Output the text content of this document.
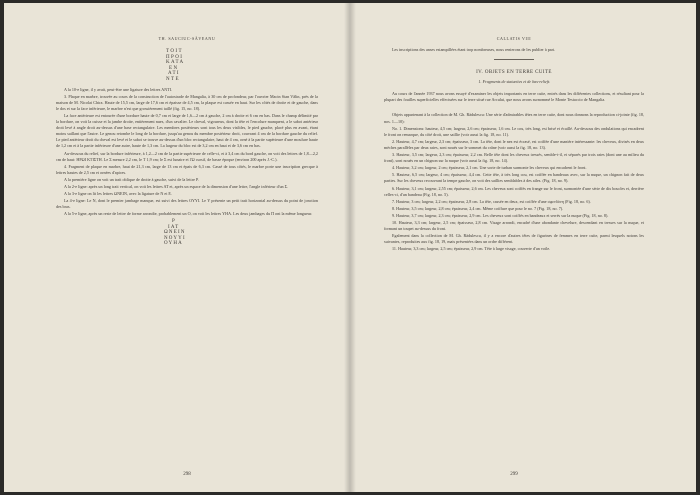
TH. SAUCIUC-SĂVEANU
ΤΟΙΤ
ΠΡΟΙ
ΚΑΤΑ
ΕΝ
ΑΤΙ
ΝΤΕ

A la 10-e ligne, il y avait, peut-être une ligature des lettres ANTI.

3. Plaque en marbre, trouvée au cours de la construction de l'autostrade de Mangalia, à 30 cm de profondeur, par l'ouvrier Macin Stan Vâlin, près de la maison de M. Nicolai Chira. Haute de 15,5 cm, large de 17,6 cm et épaisse de 4,5 cm, la plaque est cassée en haut. Sur les côtés de droite et de gauche, dans le dos et sur la face inférieure, le marbre n'est que grossièrement taillé (fig. 15, no. 18).

La face antérieure est entourée d'une bordure haute de 0,7 cm et large de 1,6—2 cm à gauche, 2 cm à droite et 6 cm en bas. Dans le champ délimité par la bordure, on voit la cuisse et la jambe droite, entièrement nues, d'un cavalier. Le cheval, vigoureux, dont la tête et l'encolure manquent, a le sabot antérieur droit levé à angle droit au-dessus d'une base rectangulaire. Les membres postérieurs sont tous les deux visibles, le pied gauche, placé plus en avant, étant moins saillant que l'autre. Le genou retombe le long de la bordure, jusqu'au genou du membre postérieur droit, couvrant 4 cm de la bordure gauche du relief. Le pied antérieur droit du cheval est levé et le sabot se trouve au-dessus d'un bloc rectangulaire, haut de 4 cm, orné à la partie supérieure d'une moulure haute de 1,2 cm et à la partie inférieure d'une autre, haute de 1,3 cm. La largeur du bloc est de 3,2 cm en haut et de 3,6 cm en bas.

Au-dessous du relief, sur la bordure inférieure, à 1,2—2 cm de la partie supérieure de celle-ci, et à 3,4 cm du bord gauche, on voit des lettres de 1,8—2,2 cm de haut: ΗΡΩΙ ΚΤΙΣΤΗ. Le Σ mesure 2,2 cm, le Τ 1,9 cm; le Σ est lunaire et l'Ω cursif, de basse époque (environ 200 après J.-C.).

4. Fragment de plaque en marbre, haut de 21,3 cm, large de 13 cm et épais de 6,3 cm. Cassé de tous côtés, le marbre porte une inscription grecque à lettres hautes de 2,5 cm et ornées d'apices.

A la première ligne on voit un trait oblique de droite à gauche, suivi de la lettre P.

A la 2-e ligne: après un long trait vertical, on voit les lettres AT et, après un espace de la dimension d'une lettre, l'angle inférieur d'un Σ.

A la 3-e ligne on lit les lettres ΩΝΕΙΝ, avec la ligature de Ν et Ε.

La 4-e ligne: Le N, dont le premier jambage manque, est suivi des lettres ΟΥΥΙ. Le Υ présente un petit trait horizontal au-dessus du point de jonction des bras.

A la 5-e ligne, après un reste de lettre de forme arrondie, probablement un Ο, on voit les lettres ΥΗΑ. Les deux jambages du Π ont la même longueur.

Ρ
ΙΑΤ
ΩΝΕΙΝ
ΝΟΥΥΙ
ΟΥΗΑ
298
CALLATIS VIII

Les inscriptions des anses estampillées étant trop nombreuses, nous renierons de les publier à part.

IV. OBJETS EN TERRE CUITE

1. Fragments de statuettes et de bas-reliefs

Au cours de l'année 1937 nous avons essayé d'examiner les objets importants en terre cuite, entrés dans les différentes collections, et résultant pour la plupart des fouilles superficielles effectuées sur le terre situé rue Arcului, que nous avons surnommé le Monte Testaccio de Mangalia.

Objets appartenant à la collection de M. Gh. Rădulescu: Une série d'admirables têtes en terre cuite, dont nous donnons la reproduction ci-jointe (fig. 18, nos. 1—10):

No. 1. Dimensions: hauteur, 4,5 cm; largeur, 2,6 cm; épaisseur, 1,6 cm. Le cou, très long, est brisé et écaillé. Au-dessous des ondulations qui encadrent le front on remarque, du côté droit, une saillie (voir aussi la fig. 18, no. 11).

2. Hauteur, 4,7 cm; largeur, 2,3 cm; épaisseur, 3 cm. La tête, dont le nez est écrasé, est coiffée d'une manière intéressante: les cheveux, divisés en deux mèches parallèles par deux raies, sont noués sur le sommet du crâne (voir aussi la fig. 18, no. 13).

3. Hauteur, 3,5 cm; largeur, 2,3 cm; épaisseur, 2,2 cm. Belle tête dont les cheveux tressés, semble-t-il, et séparés par trois raies (dont une au milieu du front), sont noués en un chignon sur la nuque (voir aussi la fig. 18, no. 14).

4. Hauteur, 3,2 cm; largeur, 2 cm; épaisseur, 2,1 cm. Une sorte de turban surmonte les cheveux qui encadrent le front.

5. Hauteur, 6,5 cm; largeur, 4 cm; épaisseur, 4,4 cm. Cette tête, à très long cou, est coiffée en bandeaux avec, sur la nuque, un chignon fait de deux parties. Sur les cheveux recouvrant la tempe gauche, on voit des saillies semblables à des ailes. (Fig. 18, no. 9).

6. Hauteur, 3,1 cm; largeur, 2,55 cm; épaisseur, 2,6 cm. Les cheveux sont coiffés en frange sur le front, surmontée d'une série de dix boucles et, derrière celles-ci, d'un bandeau (Fig. 18, no. 5).

7. Hauteur, 3 cm; largeur, 2,2 cm; épaisseur, 2,8 cm. La tête, cassée en deux, est coiffée d'une σφενδόνη (Fig. 18, no. 6).

8. Hauteur, 3,5 cm; largeur, 2,8 cm; épaisseur, 2,4 cm. Même coiffure que pour le no. 7 (Fig. 18, no. 7).

9. Hauteur, 3,7 cm; largeur, 2,3 cm; épaisseur, 2,9 cm. Les cheveux sont coiffés en bandeaux et serrés sur la nuque (Fig. 18, no. 8).

10. Hauteur, 3,3 cm; largeur, 2,5 cm; épaisseur, 2,8 cm. Visage arrondi, encadré d'une abondante chevelure, descendant en tresses sur la nuque, et formant un toupet au-dessus du front.

Egalement dans la collection de M. Gh. Rădulescu, il y a encore d'autres têtes de figurines de femmes en terre cuite, parmi lesquels notons les suivantes, reproduites aux fig. 18, 19, mais présentées dans un ordre différent.

11. Hauteur, 3,3 cm; largeur, 2,5 cm; épaisseur, 2,9 cm. Tête à large visage, couverte d'un voile.

299
